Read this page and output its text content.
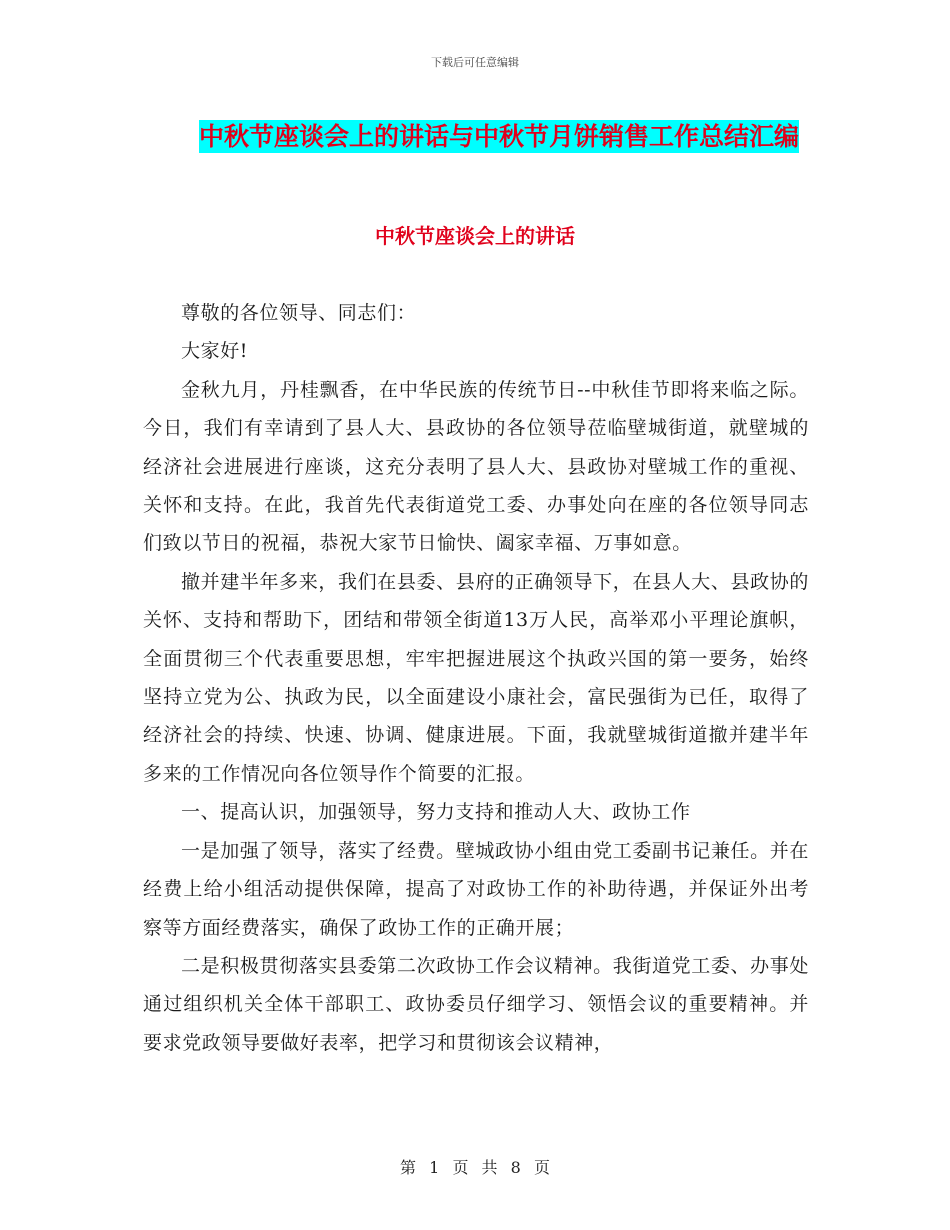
下载后可任意编辑
中秋节座谈会上的讲话与中秋节月饼销售工作总结汇编
中秋节座谈会上的讲话

尊敬的各位领导、同志们：

大家好!

金秋九月，丹桂飘香，在中华民族的传统节日--中秋佳节即将来临之际。今日，我们有幸请到了县人大、县政协的各位领导莅临壁城街道，就壁城的经济社会进展进行座谈，这充分表明了县人大、县政协对壁城工作的重视、关怀和支持。在此，我首先代表街道党工委、办事处向在座的各位领导同志们致以节日的祝福，恭祝大家节日愉快、阖家幸福、万事如意。

撤并建半年多来，我们在县委、县府的正确领导下，在县人大、县政协的关怀、支持和帮助下，团结和带领全街道13万人民，高举邓小平理论旗帜，全面贯彻三个代表重要思想，牢牢把握进展这个执政兴国的第一要务，始终坚持立党为公、执政为民，以全面建设小康社会，富民强街为已任，取得了经济社会的持续、快速、协调、健康进展。下面，我就壁城街道撤并建半年多来的工作情况向各位领导作个简要的汇报。

一、提高认识，加强领导，努力支持和推动人大、政协工作

一是加强了领导，落实了经费。壁城政协小组由党工委副书记兼任。并在经费上给小组活动提供保障，提高了对政协工作的补助待遇，并保证外出考察等方面经费落实，确保了政协工作的正确开展；

二是积极贯彻落实县委第二次政协工作会议精神。我街道党工委、办事处通过组织机关全体干部职工、政协委员仔细学习、领悟会议的重要精神。并要求党政领导要做好表率，把学习和贯彻该会议精神，

第 1 页 共 8 页
